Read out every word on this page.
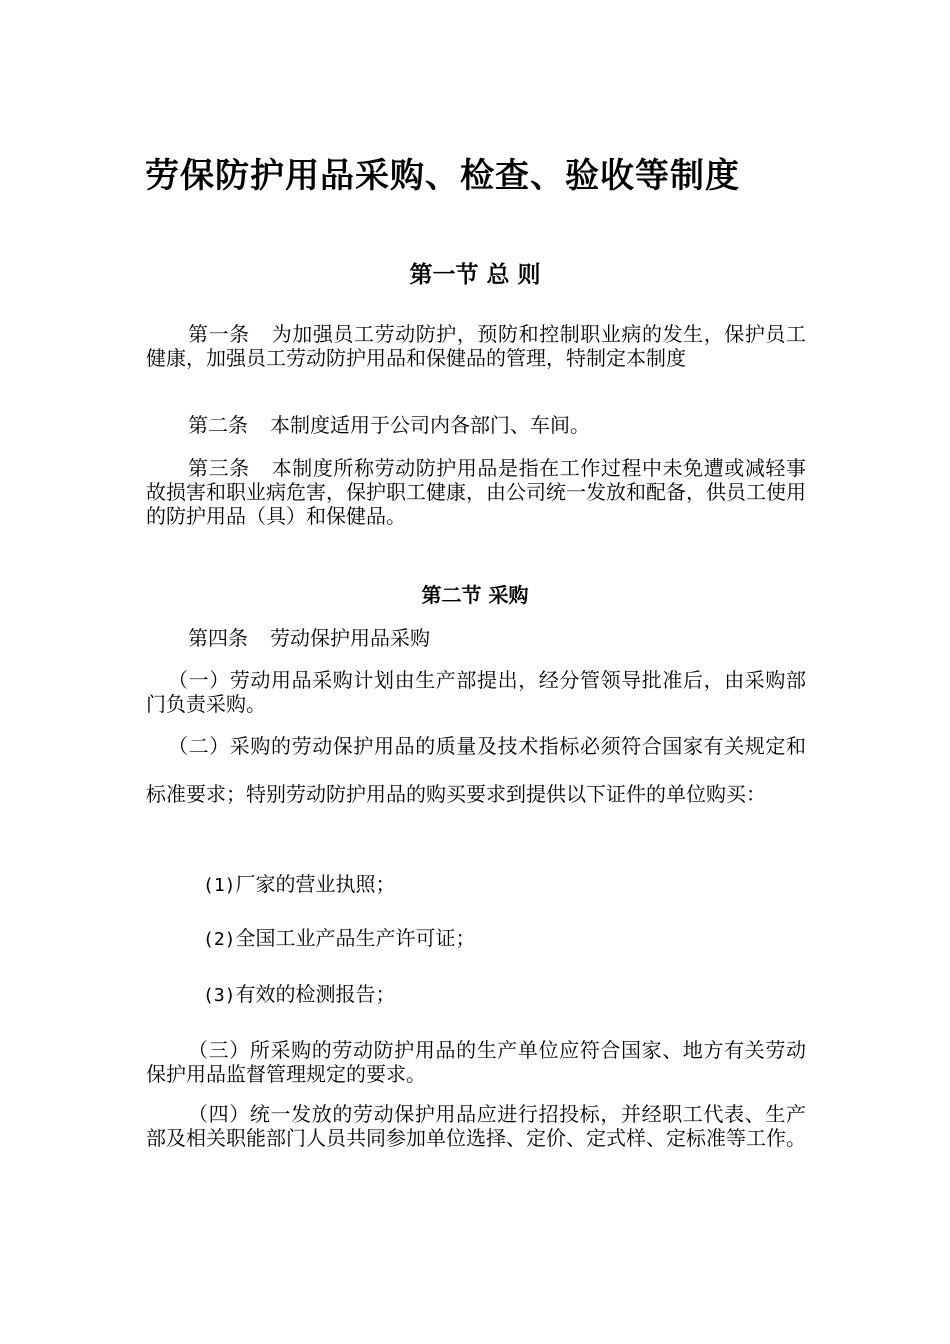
劳保防护用品采购、检查、验收等制度
第一节 总 则
第一条 为加强员工劳动防护，预防和控制职业病的发生，保护员工健康，加强员工劳动防护用品和保健品的管理，特制定本制度
第二条 本制度适用于公司内各部门、车间。
第三条 本制度所称劳动防护用品是指在工作过程中未免遭或减轻事故损害和职业病危害，保护职工健康，由公司统一发放和配备，供员工使用的防护用品（具）和保健品。
第二节 采购
第四条 劳动保护用品采购
（一）劳动用品采购计划由生产部提出，经分管领导批准后，由采购部门负责采购。
（二）采购的劳动保护用品的质量及技术指标必须符合国家有关规定和标准要求；特别劳动防护用品的购买要求到提供以下证件的单位购买：
(1)厂家的营业执照；
(2)全国工业产品生产许可证；
(3)有效的检测报告；
（三）所采购的劳动防护用品的生产单位应符合国家、地方有关劳动保护用品监督管理规定的要求。
（四）统一发放的劳动保护用品应进行招投标，并经职工代表、生产部及相关职能部门人员共同参加单位选择、定价、定式样、定标准等工作。
